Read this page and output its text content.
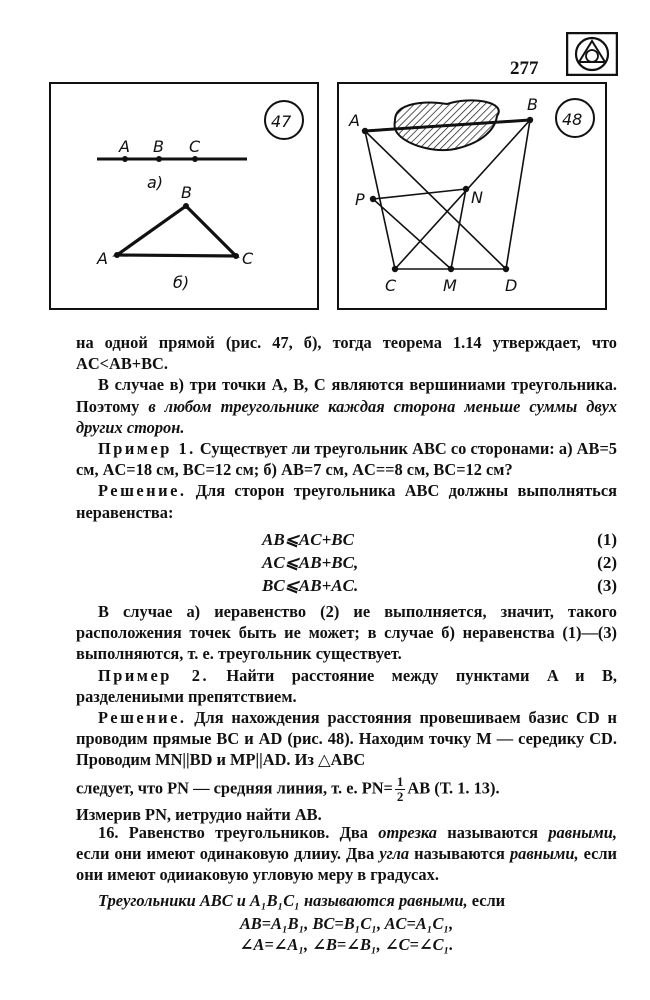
277
47
A B C
а)
B
A	C
б)
48
A
B
P	N
C	M	D

на одной прямой (рис. 47, б), тогда теорема 1.14 утверждает, что AC<AB+BC.

В случае в) три точки A, B, C являются вершиниами треугольника. Поэтому в любом треугольнике каждая сторона меньше суммы двух других сторон.

Пример 1. Существует ли треугольник ABC со сторонами: а) AB=5 см, AC=18 см, BC=12 см; б) AB=7 см, AC==8 см, BC=12 см?

Решение. Для сторон треугольника ABC должны выполняться неравенства:

AB⩽AC+BC	(1)
AC⩽AB+BC,	(2)
BC⩽AB+AC.	(3)

В случае а) иеравенство (2) ие выполняется, значит, такого расположения точек быть ие может; в случае б) неравенства (1)—(3) выполняются, т. е. треугольник существует.

Пример 2. Найти расстояние между пунктами A и B, разделениыми препятствием.

Решение. Для нахождения расстояния провешиваем базис CD н проводим прямые BC и AD (рис. 48). Находим точку M — середику CD. Проводим MN||BD и MP||AD. Из △ABC

следует, что PN — средняя линия, т. е. $PN= \frac{1}{2}$ AB (Т. 1. 13).

Измерив PN, иетрудио найти AB.

16. Равенство треугольников. Два отрезка называются равными, если они имеют одинаковую длииу. Два угла называются равными, если они имеют одииаковую угловую меру в градусах.

Треугольники ABC и A₁B₁C₁ называются равными, если

AB=A₁B₁, BC=B₁C₁, AC=A₁C₁,

∠A=∠A₁, ∠B=∠B₁, ∠C=∠C₁.
